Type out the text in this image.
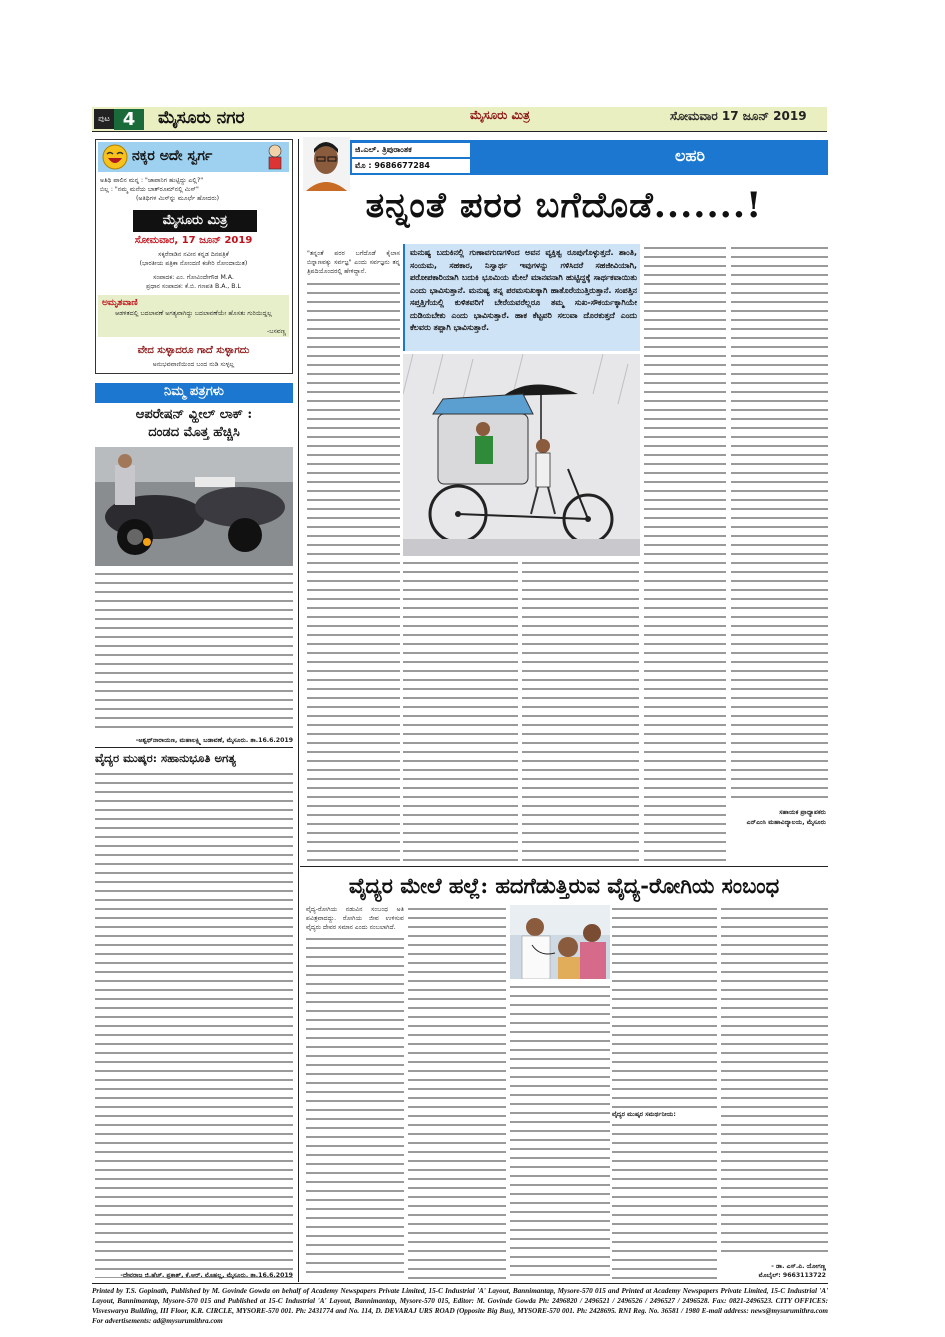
ಪುಟ 4	ಮೈಸೂರು ನಗರ	ಮೈಸೂರು ಮಿತ್ರ	ಸೋಮವಾರ 17 ಜೂನ್ 2019
ನಕ್ಕರ ಅದೇ ಸ್ವರ್ಗ
ಅತಿಥಿ ಪಾಲಿನ ಮನ್ನ : "ಜಾಪಾನಿಗ ಹುಟ್ಟಿದ್ದು ಎಲ್ಲಿ?"
ಬಿಲ್ಲ : "ನಮ್ಮ ಮನೆಯ ಬಾತ್‌ರೂಮ್‌ನಲ್ಲಿ ಮಿಸ್"
(ಅತಿಥಿಗಳ ಮಿಸ್‌ನ್ನು ಮೂರ್ಛೆ ಹೋದರು)
ಮೈಸೂರು ಮಿತ್ರ
ಸೋಮವಾರ, 17 ಜೂನ್ 2019
ಸಕ್ಕರೆನಾಡಿನ ನವೀನ ಕನ್ನಡ ದಿನಪತ್ರಿಕೆ
(ಭಾರತೀಯ ಪತ್ರಿಕಾ ನೋಂದಣಿ ಕಚೇರಿ ನೋಂದಾಯಿತ)
ಸಂಪಾದಕ: ಎಂ. ಗೋವಿಂದೇಗೌಡ M.A.
ಪ್ರಧಾನ ಸಂಪಾದಕ: ಕೆ.ಬಿ. ಗಣಪತಿ B.A., B.L
ಅಮೃತವಾಣಿ
ಆಡಳಿತದಲ್ಲಿ ಬದಲಾವಣೆ ಅಗತ್ಯವಾಗಿದ್ದು ಬದಲಾವಣೆಯೇ ಹೊಸತು ಗುರಿಯಿದ್ದಲ್ಲ
-ಬಸವಣ್ಣ
ವೇದ ಸುಳ್ಳಾದರೂ ಗಾದೆ ಸುಳ್ಳಾಗದು
ಅನುಭವವಾಣಿಯಿಂದ ಬಂದ ನುಡಿ ಸುಳ್ಳಲ್ಲ
ನಿಮ್ಮ ಪತ್ರಗಳು
ಆಪರೇಷನ್ ವ್ಹೀಲ್ ಲಾಕ್ :
ದಂಡದ ಮೊತ್ತ ಹೆಚ್ಚಿಸಿ
-ಅಶ್ವಥ್‌ನಾರಾಯಣ, ಮಹಾಲಕ್ಷ್ಮಿ ಬಡಾವಣೆ, ಮೈಸೂರು. ತಾ.16.6.2019
ವೈದ್ಯರ ಮುಷ್ಕರ: ಸಹಾನುಭೂತಿ ಅಗತ್ಯ
-ದೇವರಾಜ ಜಿ.ಹೆಚ್. ಪ್ರಕಾಶ್, ಕೆ.ಆರ್. ಮೊಹಲ್ಲ, ಮೈಸೂರು. ತಾ.16.6.2019
ಜಿ.ಎಲ್. ತ್ರಿಪುರಾಂತಕ
ಮೊ : 9686677284
ಲಹರಿ
ತನ್ನಂತೆ ಪರರ ಬಗೆದೊಡೆ.......!
"ತನ್ನಂತೆ ಪರರ ಬಗೆದೊಡೆ ಕೈಲಾಸ ಬಿನ್ನಾಣವಕ್ಕು ಸರ್ವಜ್ಞ" ಎಂದು ಸರ್ವಜ್ಞನು ತನ್ನ ತ್ರಿಪದಿಯೊಂದರಲ್ಲಿ ಹೇಳಿದ್ದಾನೆ.
ಮನುಷ್ಯ ಬದುಕಿನಲ್ಲಿ ಗುಣಾವಗುಣಗಳಿಂದ ಅವನ ವ್ಯಕ್ತಿತ್ವ ರೂಪುಗೊಳ್ಳುತ್ತದೆ. ಶಾಂತಿ, ಸಂಯಮ, ಸಹಕಾರ, ನಿಸ್ವಾರ್ಥ ಇವುಗಳನ್ನು ಗಳಿಸಿದರೆ ಸಹಜೀವಿಯಾಗಿ, ಪರೋಪಕಾರಿಯಾಗಿ ಬದುಕಿ ಭೂಮಿಯ ಮೇಲೆ ಮಾನವನಾಗಿ ಹುಟ್ಟಿದ್ದಕ್ಕೆ ಸಾರ್ಥಕವಾಯಿತು ಎಂದು ಭಾವಿಸುತ್ತಾನೆ. ಮನುಷ್ಯ ತನ್ನ ಪರಮಸುಖಕ್ಕಾಗಿ ಹಾತೊರೆಯುತ್ತಿರುತ್ತಾನೆ. ಸಂಪತ್ತಿನ ಸಪ್ತತ್ತಿಗೆಯಲ್ಲಿ ಕುಳಿತವರಿಗೆ ಬೇರೆಯವರೆಲ್ಲರೂ ತಮ್ಮ ಸುಖ-ಸೌಕರ್ಯಕ್ಕಾಗಿಯೇ ದುಡಿಯಬೇಕು ಎಂದು ಭಾವಿಸುತ್ತಾರೆ. ಹಾಕ ಕೆಟ್ಟವರಿ ಸಲುವಾ ದೊರಕುತ್ತದೆ ಎಂದು ಕೆಲವರು ತಪ್ಪಾಗಿ ಭಾವಿಸುತ್ತಾರೆ.
ಸಹಾಯಕ ಪ್ರಾಧ್ಯಾಪಕರು
ಎನ್ಎಂಸಿ ಮಹಾವಿದ್ಯಾಲಯ, ಮೈಸೂರು
ವೈದ್ಯರ ಮೇಲೆ ಹಲ್ಲೆ: ಹದಗೆಡುತ್ತಿರುವ ವೈದ್ಯ-ರೋಗಿಯ ಸಂಬಂಧ
ವೈದ್ಯ-ರೋಗಿಯ ನಡುವಿನ ಸಂಬಂಧ ಅತಿ ಪವಿತ್ರವಾದದ್ದು. ರೋಗಿಯ ಜೀವ ಉಳಿಸುವ ವೈದ್ಯರು ದೇವರ ಸಮಾನ ಎಂದು ನಂಬಲಾಗಿದೆ.
ವೈದ್ಯರ ಮುಷ್ಕರ ಸಮರ್ಥನೀಯ:
- ಡಾ. ಎಸ್.ಪಿ. ಯೋಗಣ್ಣ
ಮೊಬೈಲ್: 9663113722
Printed by T.S. Gopinath, Published by M. Govinde Gowda on behalf of Academy Newspapers Private Limited, 15-C Industrial 'A' Layout, Bannimantap, Mysore-570 015 and Printed at Academy Newspapers Private Limited, 15-C Industrial 'A' Layout, Bannimantap, Mysore-570 015 and Published at 15-C Industrial 'A' Layout, Bannimantap, Mysore-570 015, Editor: M. Govinde Gowda Ph: 2496820 / 2496521 / 2496526 / 2496527 / 2496528. Fax: 0821-2496523. CITY OFFICES: Visveswarya Building, III Floor, K.R. CIRCLE, MYSORE-570 001. Ph: 2431774 and No. 114, D. DEVARAJ URS ROAD (Opposite Big Bus), MYSORE-570 001. Ph: 2428695. RNI Reg. No. 36581 / 1980 E-mail address: news@mysurumithra.com For advertisements: ad@mysurumithra.com
